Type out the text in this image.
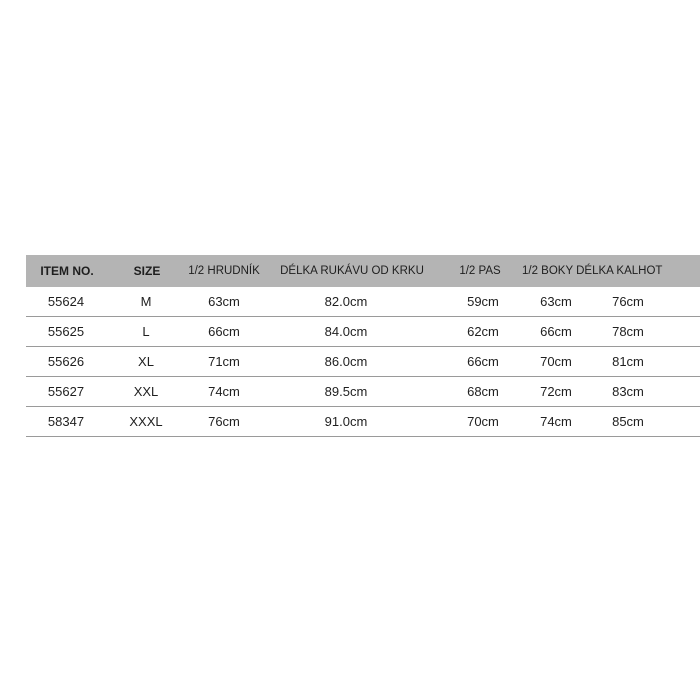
ITEM NO.	SIZE	1/2 HRUDNÍK	DÉLKA RUKÁVU OD KRKU	1/2 PAS	1/2 BOKY DÉLKA KALHOT
55624	M	63cm	82.0cm	59cm	63cm	76cm
55625	L	66cm	84.0cm	62cm	66cm	78cm
55626	XL	71cm	86.0cm	66cm	70cm	81cm
55627	XXL	74cm	89.5cm	68cm	72cm	83cm
58347	XXXL	76cm	91.0cm	70cm	74cm	85cm
